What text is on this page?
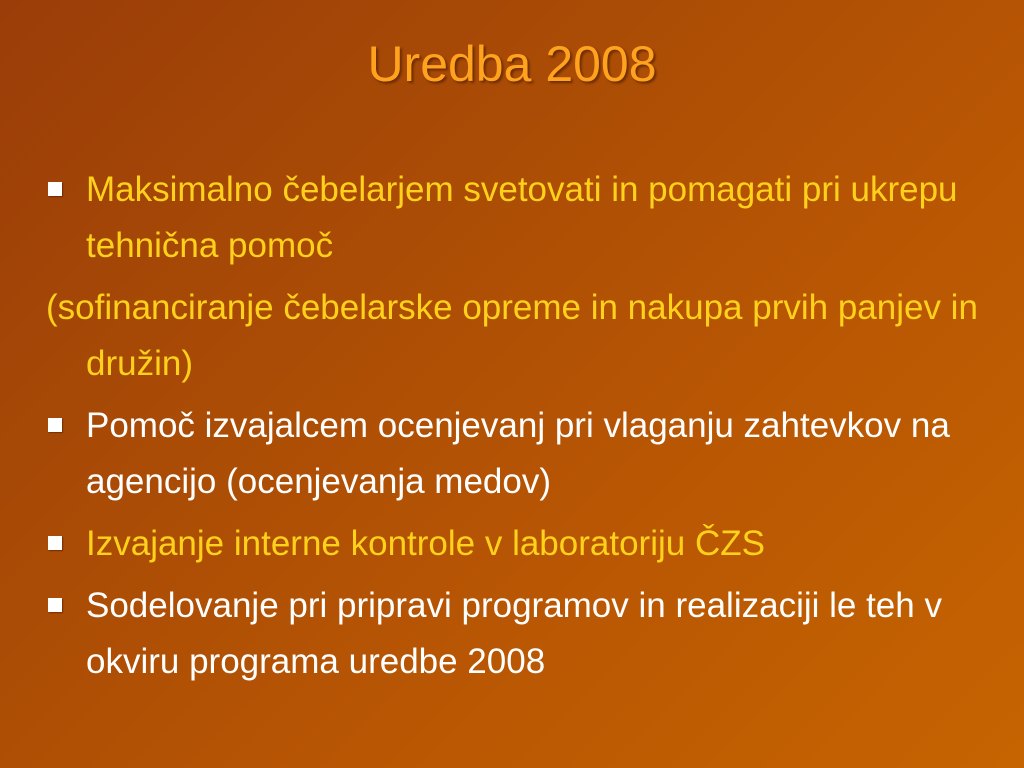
Uredba 2008
Maksimalno čebelarjem svetovati in pomagati pri ukrepu tehnična pomoč
(sofinanciranje čebelarske opreme in nakupa prvih panjev in družin)
Pomoč izvajalcem ocenjevanj pri vlaganju zahtevkov na agencijo (ocenjevanja medov)
Izvajanje interne kontrole v laboratoriju ČZS
Sodelovanje pri pripravi programov in realizaciji le teh v okviru programa uredbe 2008
